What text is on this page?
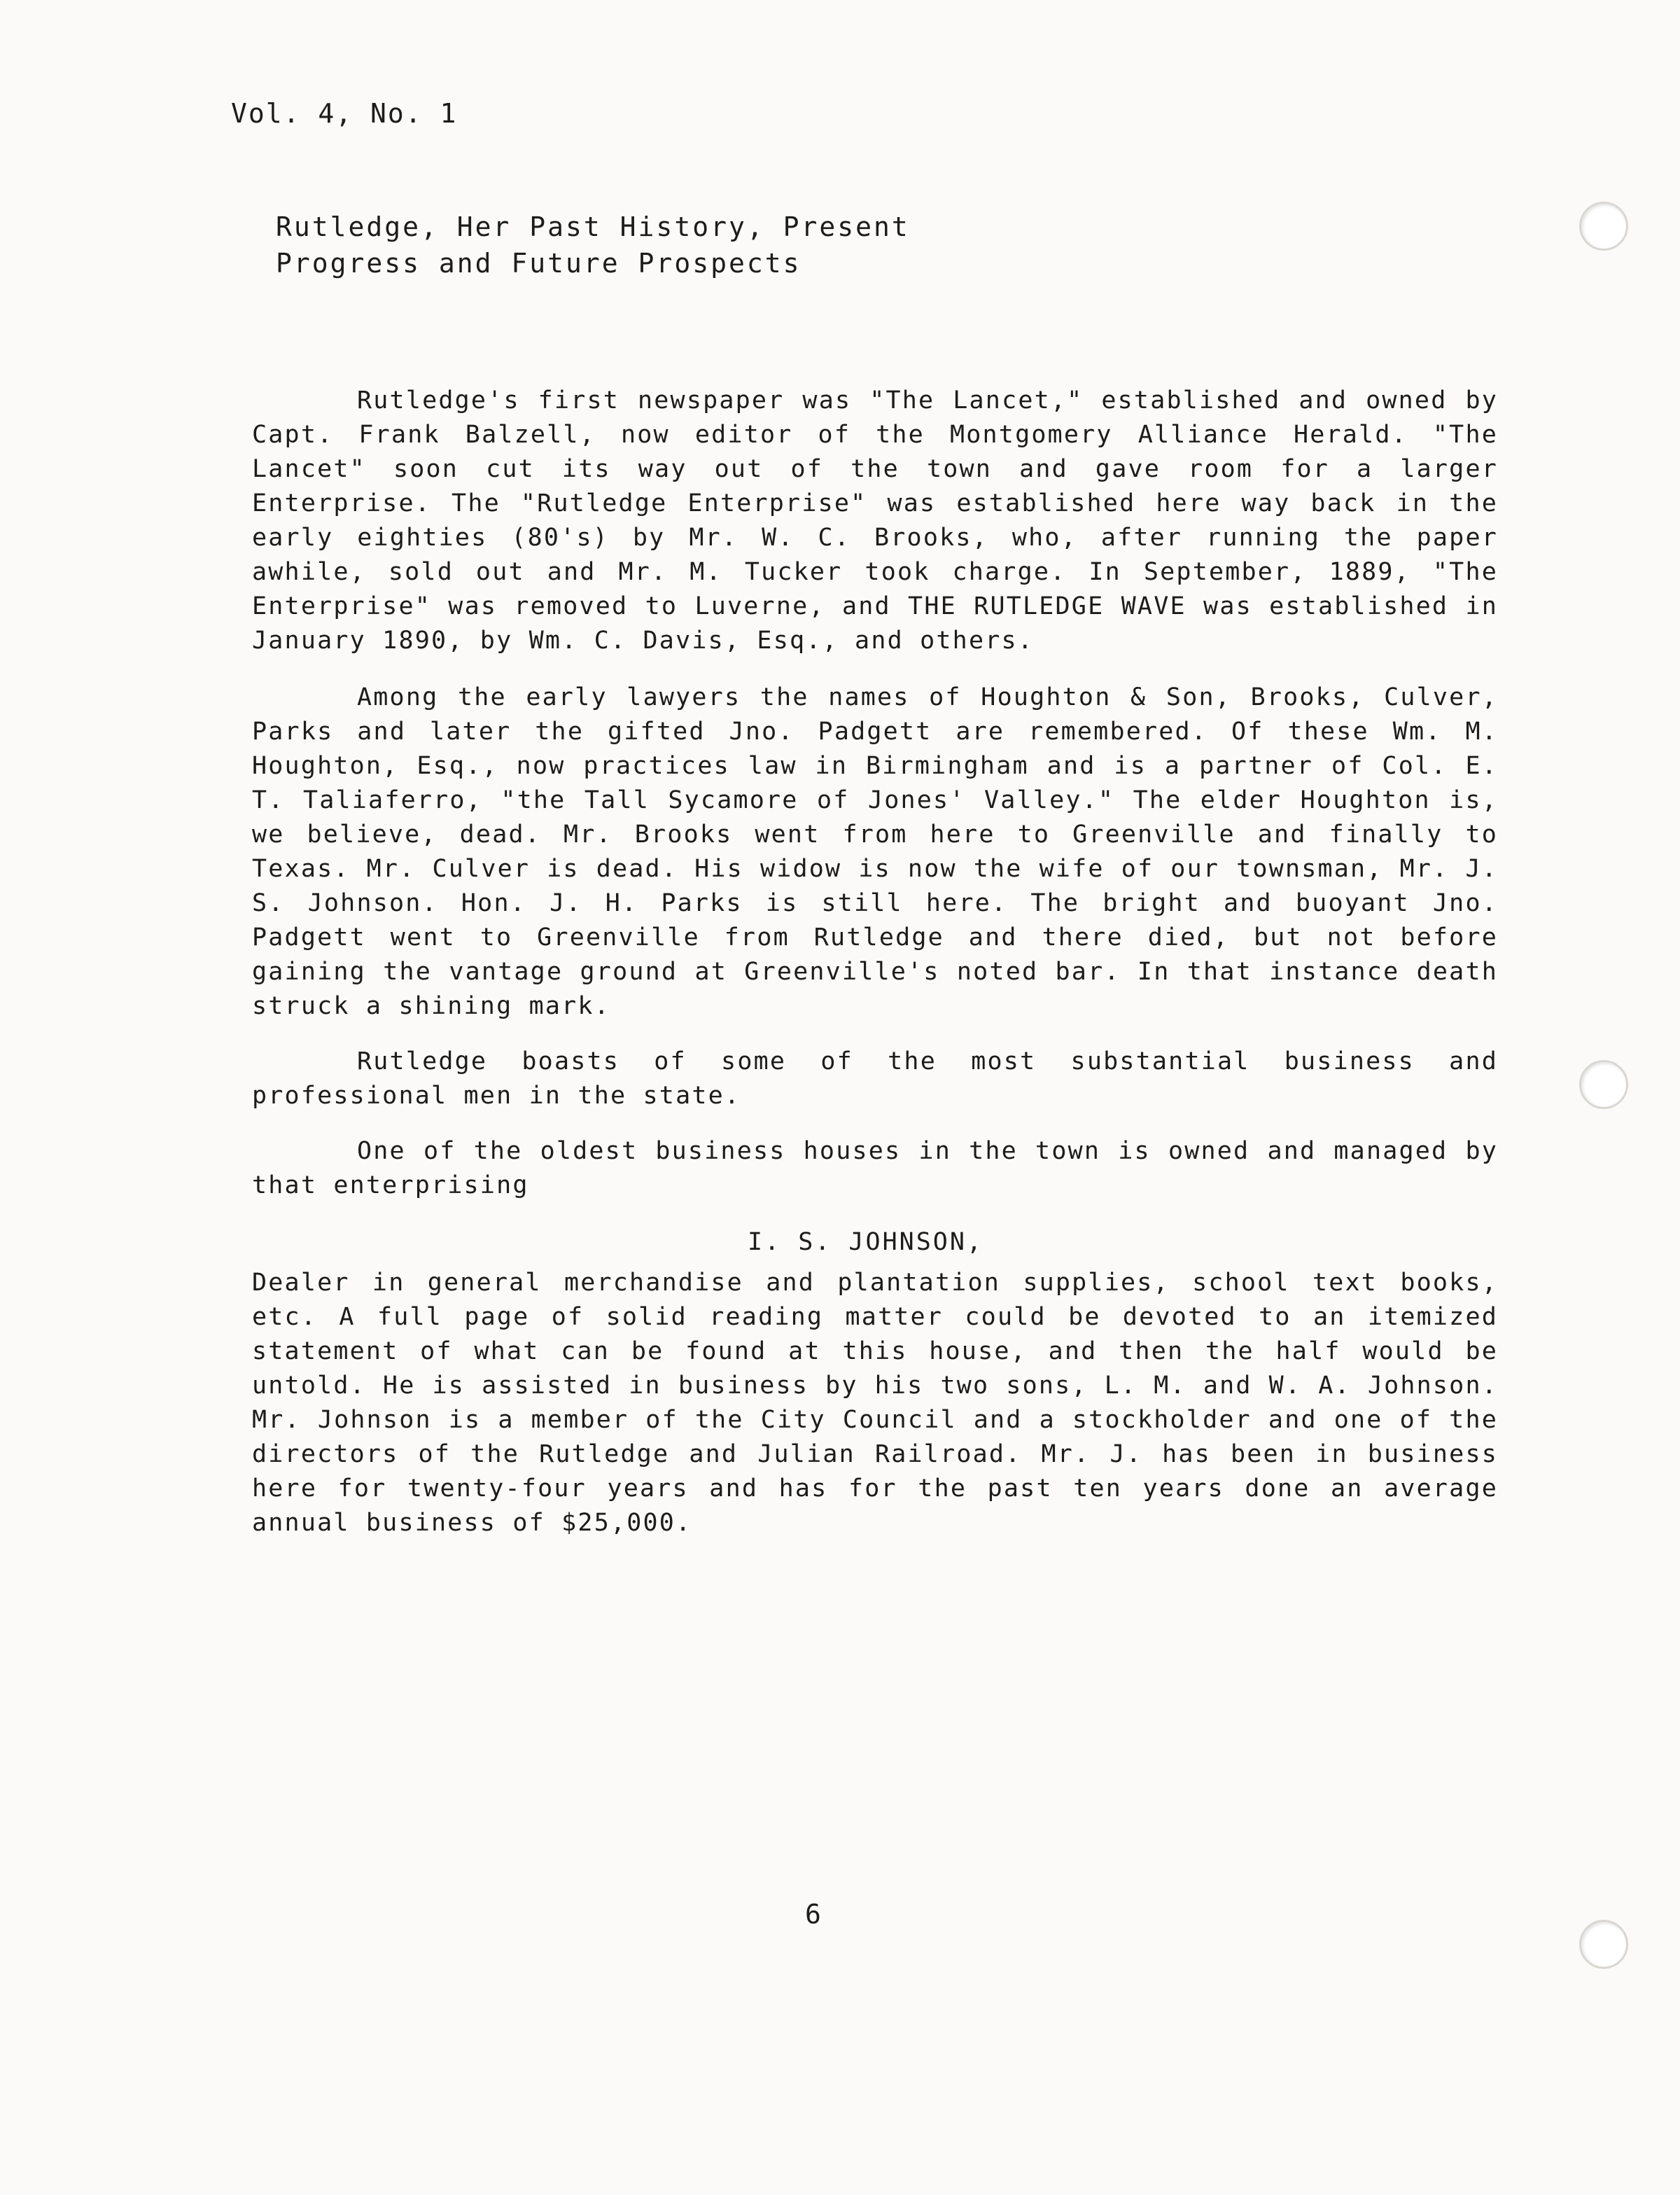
Vol. 4, No. 1
Rutledge, Her Past History, Present
Progress and Future Prospects

Rutledge's first newspaper was "The Lancet," established and owned by Capt. Frank Balzell, now editor of the Montgomery Alliance Herald. "The Lancet" soon cut its way out of the town and gave room for a larger Enterprise. The "Rutledge Enterprise" was established here way back in the early eighties (80's) by Mr. W. C. Brooks, who, after running the paper awhile, sold out and Mr. M. Tucker took charge. In September, 1889, "The Enterprise" was removed to Luverne, and THE RUTLEDGE WAVE was established in January 1890, by Wm. C. Davis, Esq., and others.

Among the early lawyers the names of Houghton & Son, Brooks, Culver, Parks and later the gifted Jno. Padgett are remembered. Of these Wm. M. Houghton, Esq., now practices law in Birmingham and is a partner of Col. E. T. Taliaferro, "the Tall Sycamore of Jones' Valley." The elder Houghton is, we believe, dead. Mr. Brooks went from here to Greenville and finally to Texas. Mr. Culver is dead. His widow is now the wife of our townsman, Mr. J. S. Johnson. Hon. J. H. Parks is still here. The bright and buoyant Jno. Padgett went to Greenville from Rutledge and there died, but not before gaining the vantage ground at Greenville's noted bar. In that instance death struck a shining mark.

Rutledge boasts of some of the most substantial business and professional men in the state.

One of the oldest business houses in the town is owned and managed by that enterprising

I. S. JOHNSON,

Dealer in general merchandise and plantation supplies, school text books, etc. A full page of solid reading matter could be devoted to an itemized statement of what can be found at this house, and then the half would be untold. He is assisted in business by his two sons, L. M. and W. A. Johnson. Mr. Johnson is a member of the City Council and a stockholder and one of the directors of the Rutledge and Julian Railroad. Mr. J. has been in business here for twenty-four years and has for the past ten years done an average annual business of $25,000.

6
